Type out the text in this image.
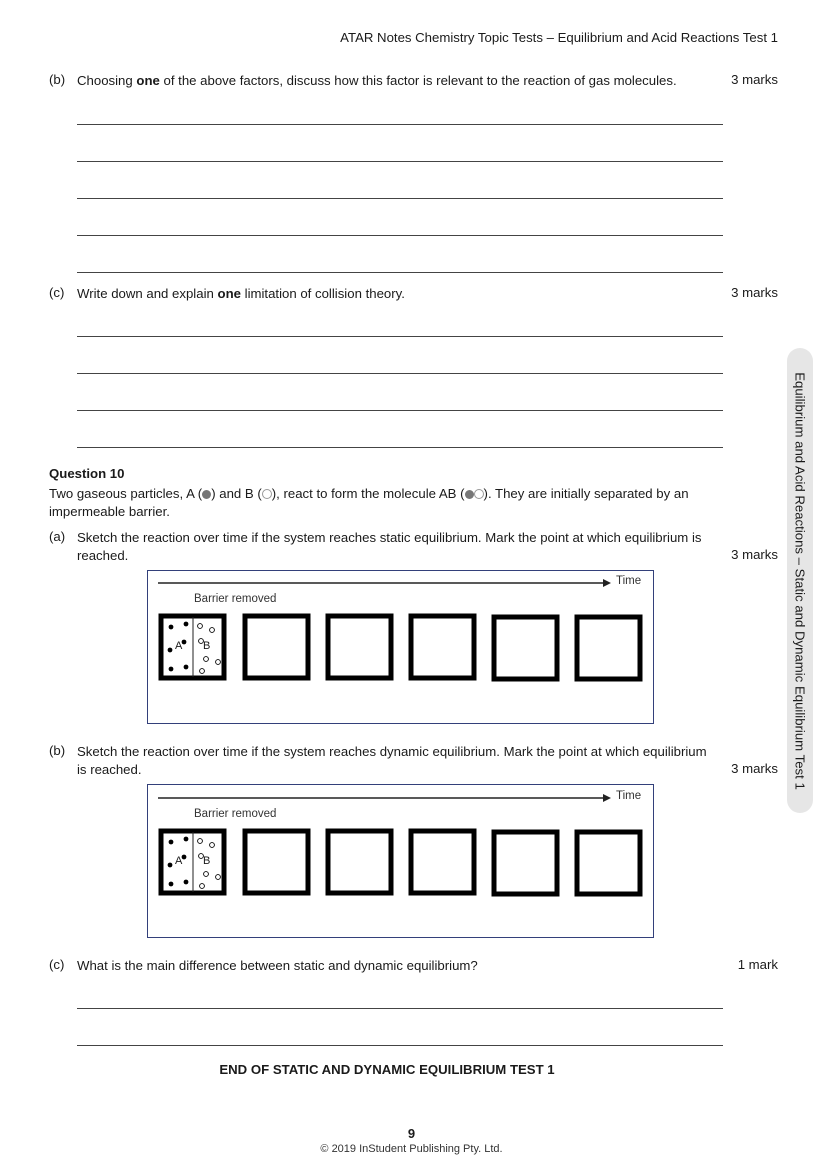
ATAR Notes Chemistry Topic Tests – Equilibrium and Acid Reactions Test 1
Equilibrium and Acid Reactions – Static and Dynamic Equilibrium Test 1
(b) Choosing one of the above factors, discuss how this factor is relevant to the reaction of gas molecules.	3 marks
(c) Write down and explain one limitation of collision theory.	3 marks
Question 10
Two gaseous particles, A ( ) and B ( ), react to form the molecule AB ( ). They are initially separated by an
impermeable barrier.
(a) Sketch the reaction over time if the system reaches static equilibrium. Mark the point at which equilibrium is
reached.	3 marks
Time
Barrier removed
A B
(b) Sketch the reaction over time if the system reaches dynamic equilibrium. Mark the point at which equilibrium
is reached.	3 marks
Time
Barrier removed
A B
(c) What is the main difference between static and dynamic equilibrium?	1 mark
END OF STATIC AND DYNAMIC EQUILIBRIUM TEST 1
9
© 2019 InStudent Publishing Pty. Ltd.
